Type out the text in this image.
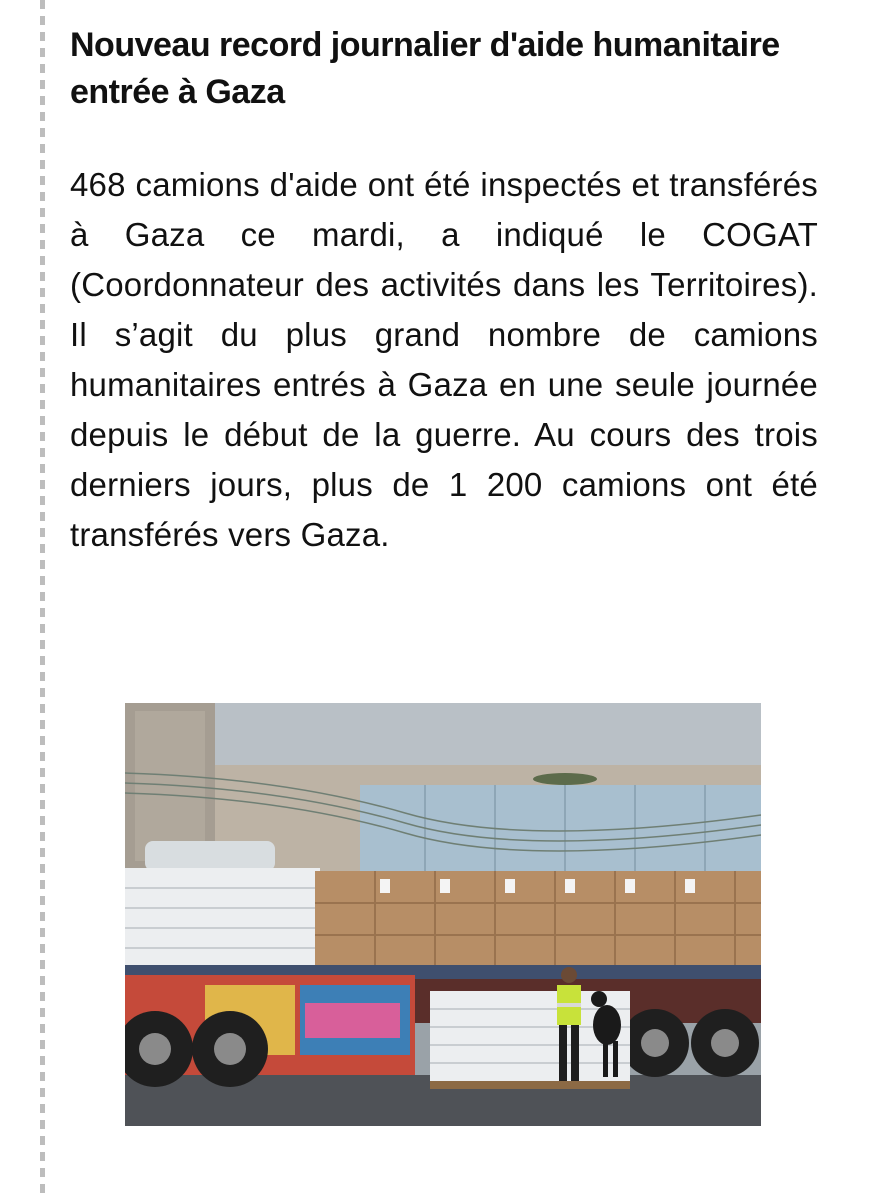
Nouveau record journalier d'aide humanitaire entrée à Gaza

468 camions d'aide ont été inspectés et transférés à Gaza ce mardi, a indiqué le COGAT (Coordonnateur des activités dans les Territoires). Il s’agit du plus grand nombre de camions humanitaires entrés à Gaza en une seule journée depuis le début de la guerre. Au cours des trois derniers jours, plus de 1 200 camions ont été transférés vers Gaza.
